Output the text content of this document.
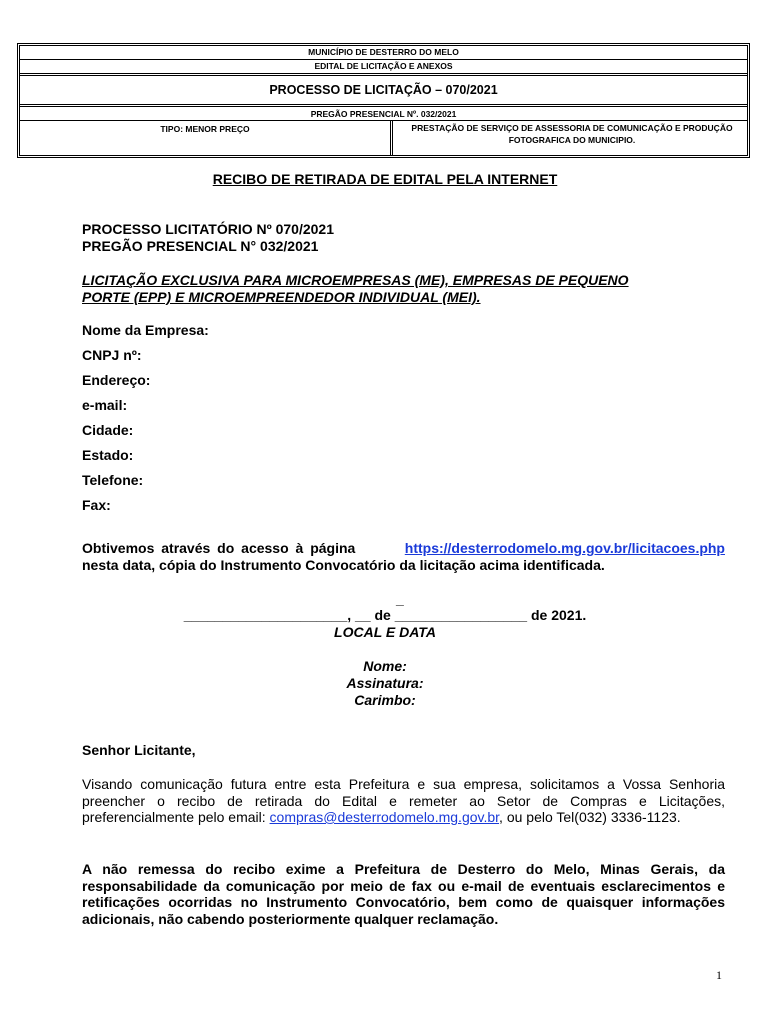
MUNICÍPIO DE DESTERRO DO MELO
EDITAL DE LICITAÇÃO E ANEXOS
PROCESSO DE LICITAÇÃO – 070/2021
PREGÃO PRESENCIAL Nº. 032/2021
TIPO: MENOR PREÇO	PRESTAÇÃO DE SERVIÇO DE ASSESSORIA DE COMUNICAÇÃO E PRODUÇÃO FOTOGRAFICA DO MUNICIPIO.
RECIBO DE RETIRADA DE EDITAL PELA INTERNET
PROCESSO LICITATÓRIO Nº 070/2021
PREGÃO PRESENCIAL N° 032/2021
LICITAÇÃO EXCLUSIVA PARA MICROEMPRESAS (ME), EMPRESAS DE PEQUENO
PORTE (EPP) E MICROEMPREENDEDOR INDIVIDUAL (MEI).
Nome da Empresa:
CNPJ nº:
Endereço:
e-mail:
Cidade:
Estado:
Telefone:
Fax:
Obtivemos através do acesso à página	https://desterrodomelo.mg.gov.br/licitacoes.php
nesta data, cópia do Instrumento Convocatório da licitação acima identificada.
_
_____________________, __ de _________________ de 2021.
LOCAL E DATA
Nome:
Assinatura:
Carimbo:
Senhor Licitante,
Visando comunicação futura entre esta Prefeitura e sua empresa, solicitamos a Vossa Senhoria preencher o recibo de retirada do Edital e remeter ao Setor de Compras e Licitações, preferencialmente pelo email: compras@desterrodomelo.mg.gov.br, ou pelo Tel(032) 3336-1123.
A não remessa do recibo exime a Prefeitura de Desterro do Melo, Minas Gerais, da responsabilidade da comunicação por meio de fax ou e-mail de eventuais esclarecimentos e retificações ocorridas no Instrumento Convocatório, bem como de quaisquer informações adicionais, não cabendo posteriormente qualquer reclamação.
1
